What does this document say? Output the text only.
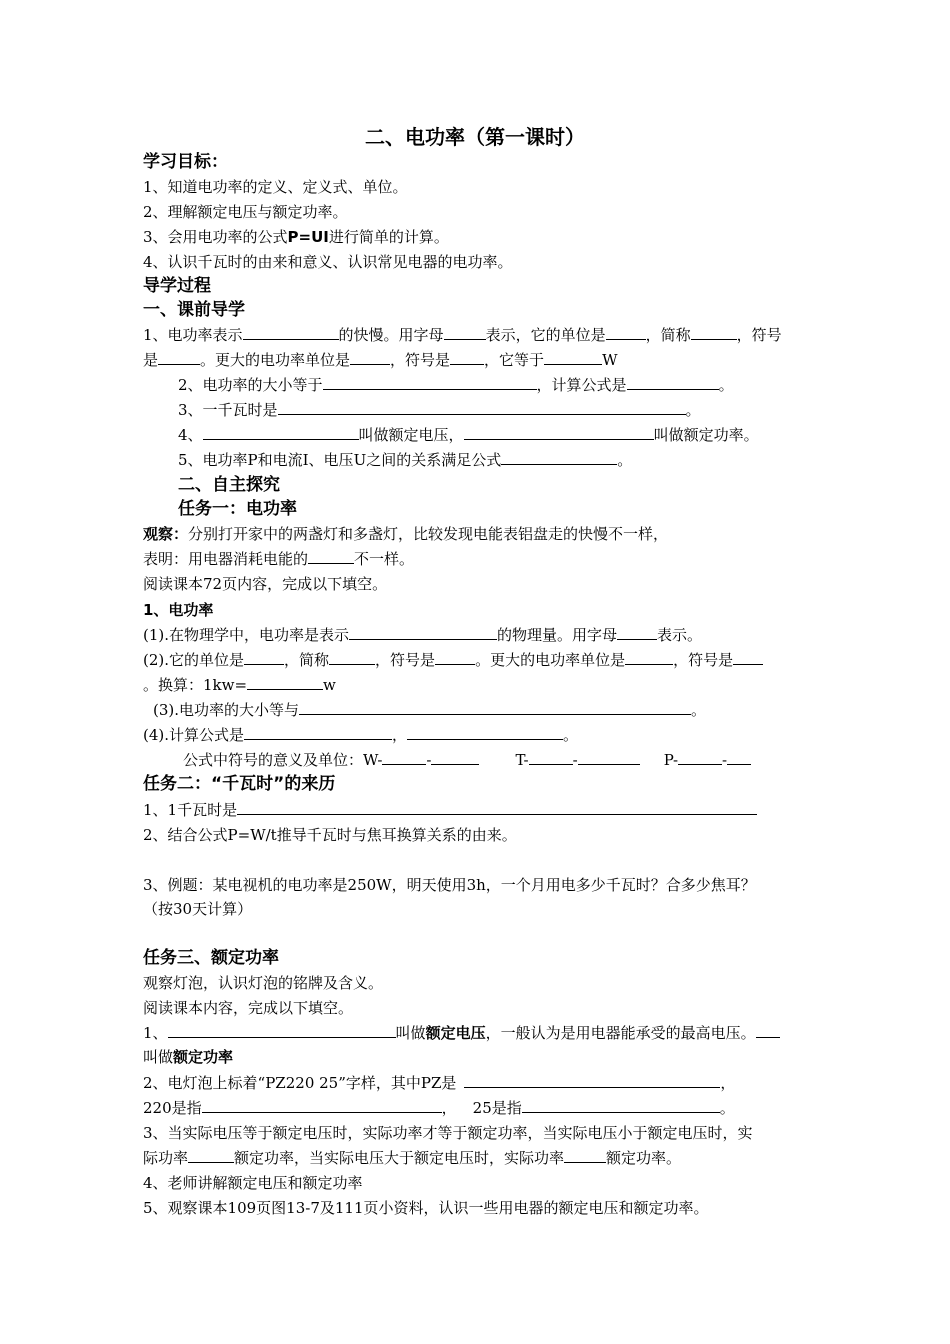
二、电功率（第一课时）
学习目标：
1、知道电功率的定义、定义式、单位。
2、理解额定电压与额定功率。
3、会用电功率的公式P=UI进行简单的计算。
4、认识千瓦时的由来和意义、认识常见电器的电功率。
导学过程
一、课前导学
1、电功率表示	的快慢。用字母	表示，它的单位是	，简称	，符号
是	。更大的电功率单位是	，符号是 ，它等于	W
2、电功率的大小等于	，计算公式是	。
3、一千瓦时是	。
4、	叫做额定电压，	叫做额定功率。
5、电功率P和电流I、电压U之间的关系满足公式	。
二、自主探究
任务一：电功率
观察：分别打开家中的两盏灯和多盏灯，比较发现电能表铝盘走的快慢不一样，
表明：用电器消耗电能的	不一样。
阅读课本72页内容，完成以下填空。
1、电功率
(1).在物理学中，电功率是表示	的物理量。用字母	表示。
(2).它的单位是	，简称	，符号是	。更大的电功率单位是	，符号是
。换算：1kw=	w
(3).电功率的大小等与	。
(4).计算公式是	，	。
公式中符号的意义及单位：W-	-	T-	-	P-	-
任务二：“千瓦时”的来历
1、1千瓦时是
2、结合公式P=W/t推导千瓦时与焦耳换算关系的由来。
3、例题：某电视机的电功率是250W，明天使用3h，一个月用电多少千瓦时？合多少焦耳？
（按30天计算）
任务三、额定功率
观察灯泡，认识灯泡的铭牌及含义。
阅读课本内容，完成以下填空。
1、	叫做额定电压，一般认为是用电器能承受的最高电压。
叫做额定功率
2、电灯泡上标着“PZ220 25”字样，其中PZ是	，
220是指	， 25是指	。
3、当实际电压等于额定电压时，实际功率才等于额定功率，当实际电压小于额定电压时，实
际功率	额定功率，当实际电压大于额定电压时，实际功率	额定功率。
4、老师讲解额定电压和额定功率
5、观察课本109页图13-7及111页小资料，认识一些用电器的额定电压和额定功率。
